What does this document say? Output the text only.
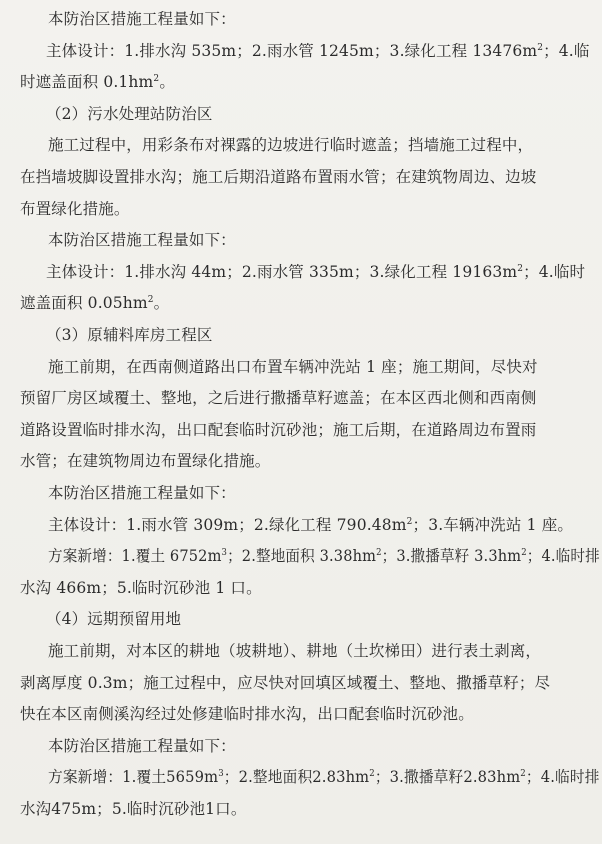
本防治区措施工程量如下：
主体设计：1.排水沟 535m；2.雨水管 1245m；3.绿化工程 $13476m^2$；4.临
时遮盖面积 $0.1hm^2$。
（2）污水处理站防治区
施工过程中，用彩条布对裸露的边坡进行临时遮盖；挡墙施工过程中，
在挡墙坡脚设置排水沟；施工后期沿道路布置雨水管；在建筑物周边、边坡
布置绿化措施。
本防治区措施工程量如下：
主体设计：1.排水沟 44m；2.雨水管 335m；3.绿化工程 $19163m^2$；4.临时
遮盖面积 $0.05hm^2$。
（3）原辅料库房工程区
施工前期，在西南侧道路出口布置车辆冲洗站 1 座；施工期间，尽快对
预留厂房区域覆土、整地，之后进行撒播草籽遮盖；在本区西北侧和西南侧
道路设置临时排水沟，出口配套临时沉砂池；施工后期，在道路周边布置雨
水管；在建筑物周边布置绿化措施。
本防治区措施工程量如下：
主体设计：1.雨水管 309m；2.绿化工程 $790.48m^2$；3.车辆冲洗站 1 座。
方案新增：1.覆土 $6752m^3$；2.整地面积 $3.38hm^2$；3.撒播草籽 $3.3hm^2$；4.临时排
水沟 466m；5.临时沉砂池 1 口。
（4）远期预留用地
施工前期，对本区的耕地（坡耕地）、耕地（土坎梯田）进行表土剥离，
剥离厚度 0.3m；施工过程中，应尽快对回填区域覆土、整地、撒播草籽；尽
快在本区南侧溪沟经过处修建临时排水沟，出口配套临时沉砂池。
本防治区措施工程量如下：
方案新增：1.覆土$5659m^3$；2.整地面积$2.83hm^2$；3.撒播草籽$2.83hm^2$；4.临时排
水沟475m；5.临时沉砂池1口。
